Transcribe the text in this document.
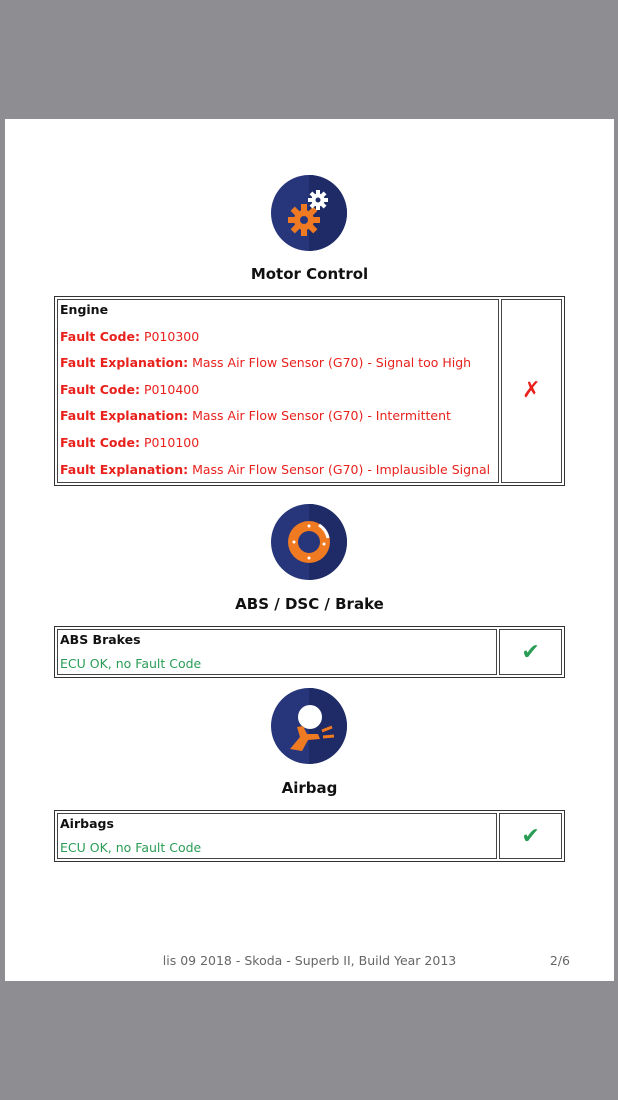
Motor Control
Engine
Fault Code: P010300
Fault Explanation: Mass Air Flow Sensor (G70) - Signal too High
Fault Code: P010400
Fault Explanation: Mass Air Flow Sensor (G70) - Intermittent
Fault Code: P010100
Fault Explanation: Mass Air Flow Sensor (G70) - Implausible Signal
	✗
ABS / DSC / Brake
ABS Brakes
ECU OK, no Fault Code	✔
Airbag
Airbags
ECU OK, no Fault Code	✔
lis 09 2018 - Skoda - Superb II, Build Year 2013	2/6
